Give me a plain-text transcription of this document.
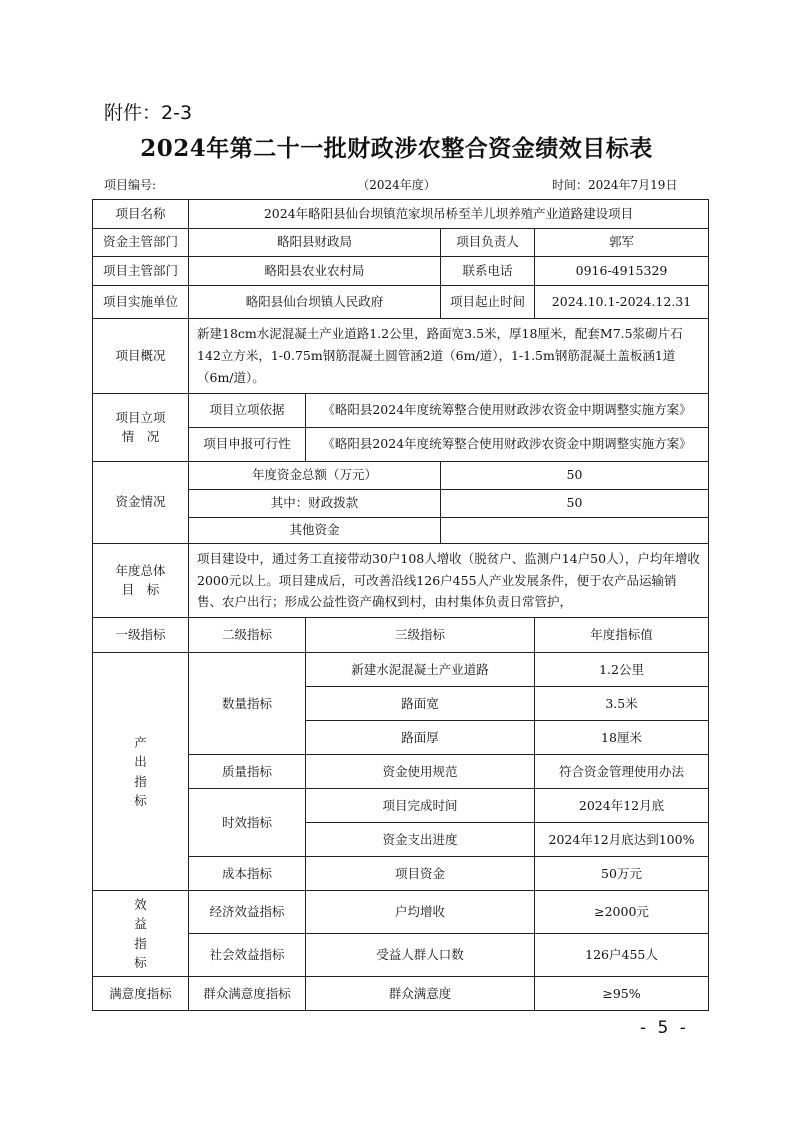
附件：2-3
2024年第二十一批财政涉农整合资金绩效目标表
项目编号:	（2024年度）	时间：2024年7月19日
项目名称	2024年略阳县仙台坝镇范家坝吊桥至羊儿坝养殖产业道路建设项目			
资金主管部门	略阳县财政局		项目负责人	郭军
项目主管部门	略阳县农业农村局		联系电话	0916-4915329
项目实施单位	略阳县仙台坝镇人民政府		项目起止时间	2024.10.1-2024.12.31
项目概况	新建18cm水泥混凝土产业道路1.2公里，路面宽3.5米，厚18厘米，配套M7.5浆砌片石142立方米，1-0.75m钢筋混凝土圆管涵2道（6m/道），1-1.5m钢筋混凝土盖板涵1道（6m/道）。			
项目立项
情　况	项目立项依据	《略阳县2024年度统筹整合使用财政涉农资金中期调整实施方案》		
	项目申报可行性	《略阳县2024年度统筹整合使用财政涉农资金中期调整实施方案》		
资金情况	年度资金总额（万元）		50	
	其中：财政拨款		50	
	其他资金			
年度总体
目　标	项目建设中，通过务工直接带动30户108人增收（脱贫户、监测户14户50人），户均年增收2000元以上。项目建成后，可改善沿线126户455人产业发展条件，便于农产品运输销售、农户出行；形成公益性资产确权到村，由村集体负责日常管护，			
一级指标	二级指标	三级指标		年度指标值
产
出
指
标	数量指标	新建水泥混凝土产业道路		1.2公里
		路面宽		3.5米
		路面厚		18厘米
	质量指标	资金使用规范		符合资金管理使用办法
	时效指标	项目完成时间		2024年12月底
		资金支出进度		2024年12月底达到100%
	成本指标	项目资金		50万元
效
益
指
标	经济效益指标	户均增收		≥2000元
	社会效益指标	受益人群人口数		126户455人
满意度指标	群众满意度指标	群众满意度		≥95%
- 5 -
